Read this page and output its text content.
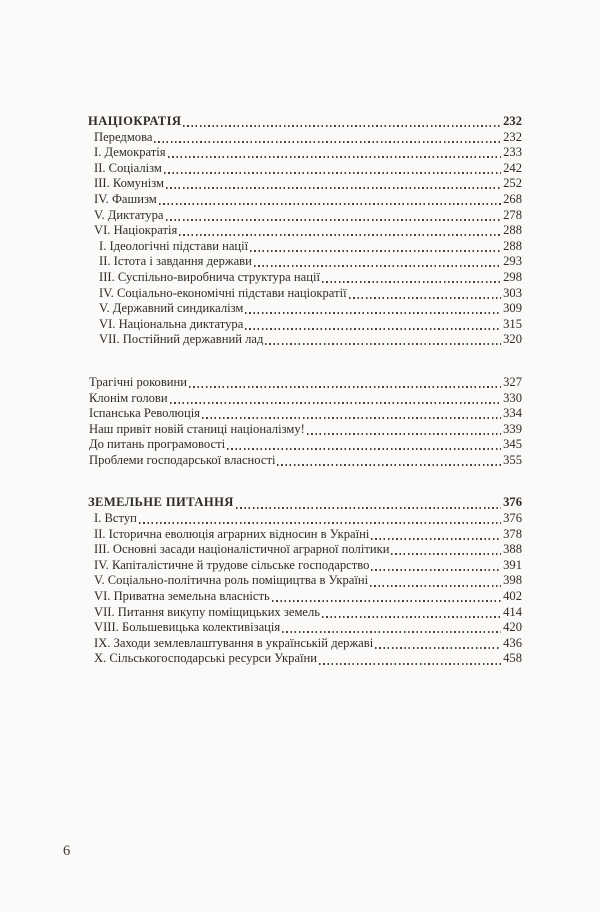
НАЦІОКРАТІЯ	232
Передмова	232
I. Демократія	233
II. Соціалізм	242
III. Комунізм	252
IV. Фашизм	268
V. Диктатура	278
VI. Націократія	288
I. Ідеологічні підстави нації	288
II. Істота і завдання держави	293
III. Суспільно-виробнича структура нації	298
IV. Соціально-економічні підстави націократії	303
V. Державний синдикалізм	309
VI. Національна диктатура	315
VII. Постійний державний лад	320
Трагічні роковини	327
Клонім голови	330
Іспанська Революція	334
Наш привіт новій станиці націоналізму!	339
До питань програмовості	345
Проблеми господарської власності	355
ЗЕМЕЛЬНЕ ПИТАННЯ	376
I. Вступ	376
II. Історична еволюція аграрних відносин в Україні	378
III. Основні засади націоналістичної аграрної політики	388
IV. Капіталістичне й трудове сільське господарство	391
V. Соціально-політична роль поміщицтва в Україні	398
VI. Приватна земельна власність	402
VII. Питання викупу поміщицьких земель	414
VIII. Большевицька колективізація	420
IX. Заходи землевлаштування в українській державі	436
X. Сільськогосподарські ресурси України	458
6
